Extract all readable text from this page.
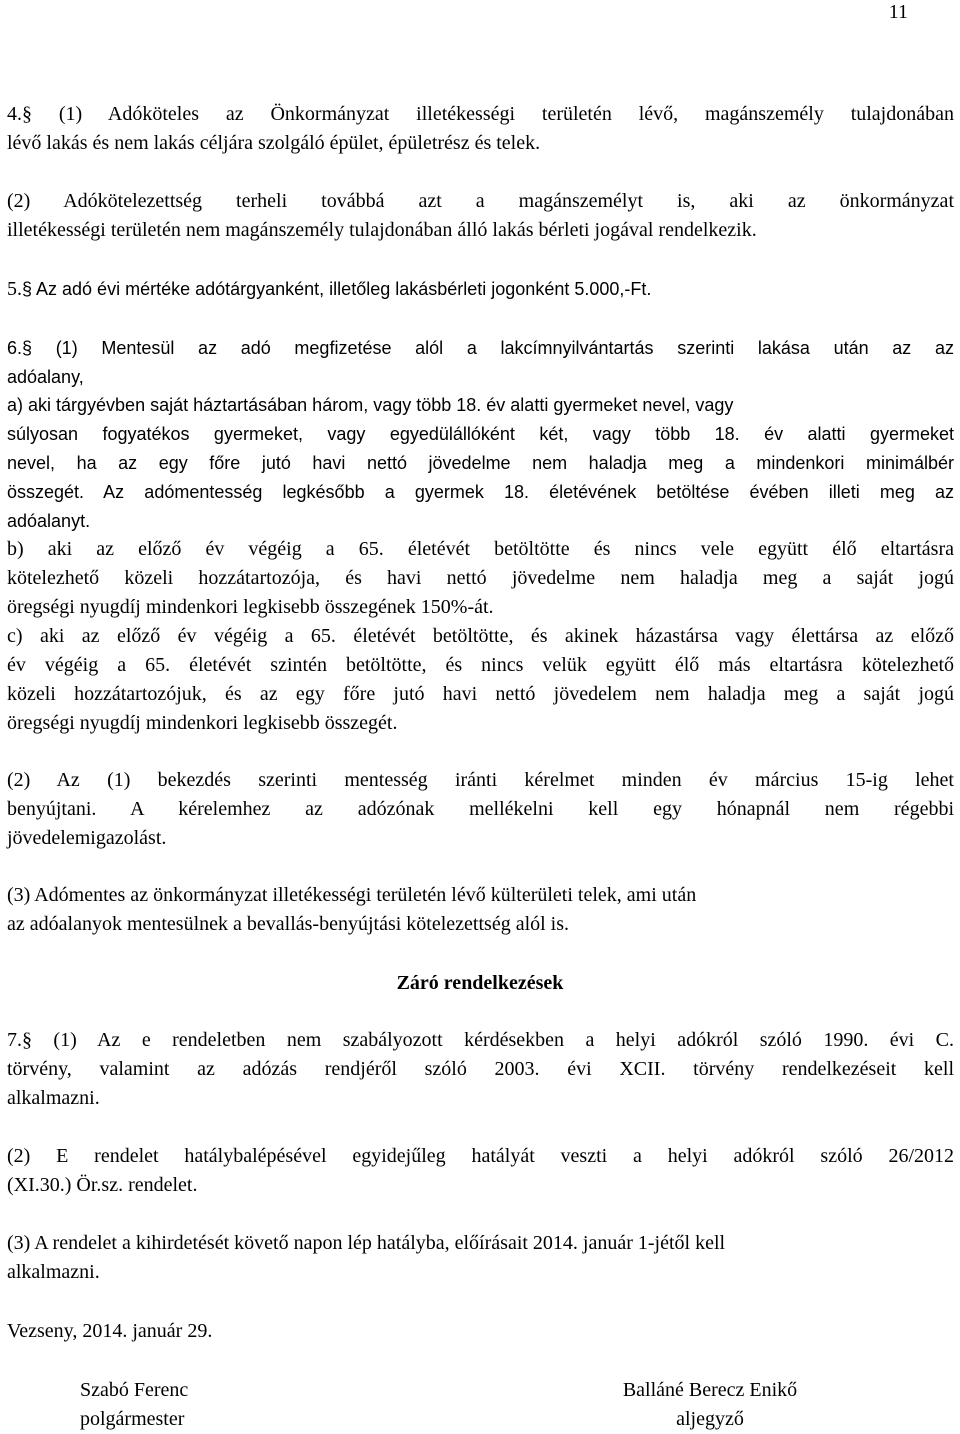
11

4.§ (1) Adóköteles az Önkormányzat illetékességi területén lévő, magánszemély tulajdonában

lévő lakás és nem lakás céljára szolgáló épület, épületrész és telek.

(2) Adókötelezettség terheli továbbá azt a magánszemélyt is, aki az önkormányzat

illetékességi területén nem magánszemély tulajdonában álló lakás bérleti jogával rendelkezik.

5.§ Az adó évi mértéke adótárgyanként, illetőleg lakásbérleti jogonként 5.000,-Ft.

6.§ (1) Mentesül az adó megfizetése alól a lakcímnyilvántartás szerinti lakása után az az

adóalany,

a) aki tárgyévben saját háztartásában három, vagy több 18. év alatti gyermeket nevel, vagy

súlyosan fogyatékos gyermeket, vagy egyedülállóként két, vagy több 18. év alatti gyermeket

nevel, ha az egy főre jutó havi nettó jövedelme nem haladja meg a mindenkori minimálbér

összegét. Az adómentesség legkésőbb a gyermek 18. életévének betöltése évében illeti meg az

adóalanyt.

b) aki az előző év végéig a 65. életévét betöltötte és nincs vele együtt élő eltartásra

kötelezhető közeli hozzátartozója, és havi nettó jövedelme nem haladja meg a saját jogú

öregségi nyugdíj mindenkori legkisebb összegének 150%-át.

c) aki az előző év végéig a 65. életévét betöltötte, és akinek házastársa vagy élettársa az előző

év végéig a 65. életévét szintén betöltötte, és nincs velük együtt élő más eltartásra kötelezhető

közeli hozzátartozójuk, és az egy főre jutó havi nettó jövedelem nem haladja meg a saját jogú

öregségi nyugdíj mindenkori legkisebb összegét.

(2) Az (1) bekezdés szerinti mentesség iránti kérelmet minden év március 15-ig lehet

benyújtani. A kérelemhez az adózónak mellékelni kell egy hónapnál nem régebbi

jövedelemigazolást.

(3) Adómentes az önkormányzat illetékességi területén lévő külterületi telek, ami után

az adóalanyok mentesülnek a bevallás-benyújtási kötelezettség alól is.

Záró rendelkezések

7.§ (1) Az e rendeletben nem szabályozott kérdésekben a helyi adókról szóló 1990. évi C.

törvény, valamint az adózás rendjéről szóló 2003. évi XCII. törvény rendelkezéseit kell

alkalmazni.

(2) E rendelet hatálybalépésével egyidejűleg hatályát veszti a helyi adókról szóló 26/2012

(XI.30.) Ör.sz. rendelet.

(3) A rendelet a kihirdetését követő napon lép hatályba, előírásait 2014. január 1-jétől kell

alkalmazni.

Vezseny, 2014. január 29.
Szabó Ferenc
polgármester
Balláné Berecz Enikő
aljegyző
